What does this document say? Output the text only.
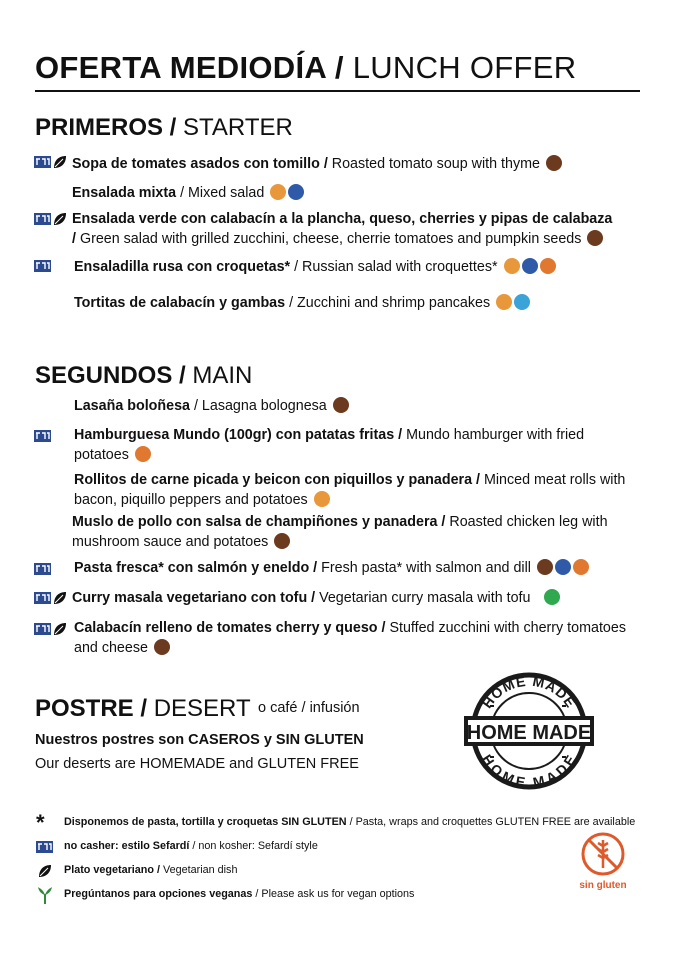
OFERTA MEDIODÍA / LUNCH OFFER
PRIMEROS / STARTER
Sopa de tomates asados con tomillo / Roasted tomato soup with thyme
Ensalada mixta / Mixed salad
Ensalada verde con calabacín a la plancha, queso, cherries y pipas de calabaza
/ Green salad with grilled zucchini, cheese, cherrie tomatoes and pumpkin seeds
Ensaladilla rusa con croquetas* / Russian salad with croquettes*
Tortitas de calabacín y gambas / Zucchini and shrimp pancakes
SEGUNDOS / MAIN
Lasaña boloñesa / Lasagna bolognesa
Hamburguesa Mundo (100gr) con patatas fritas / Mundo hamburger with fried potatoes
Rollitos de carne picada y beicon con piquillos y panadera / Minced meat rolls with bacon, piquillo peppers and potatoes
Muslo de pollo con salsa de champiñones y panadera / Roasted chicken leg with mushroom sauce and potatoes
Pasta fresca* con salmón y eneldo / Fresh pasta* with salmon and dill
Curry masala vegetariano con tofu / Vegetarian curry masala with tofu
Calabacín relleno de tomates cherry y queso / Stuffed zucchini with cherry tomatoes and cheese
POSTRE / DESERT o café / infusión
Nuestros postres son CASEROS y SIN GLUTEN
Our deserts are HOMEMADE and GLUTEN FREE
HOME MADE
HOME MADE
HOME MADE
* Disponemos de pasta, tortilla y croquetas SIN GLUTEN / Pasta, wraps and croquettes GLUTEN FREE are available
no casher: estilo Sefardí / non kosher: Sefardí style
Plato vegetariano / Vegetarian dish
Pregúntanos para opciones veganas / Please ask us for vegan options
sin gluten
